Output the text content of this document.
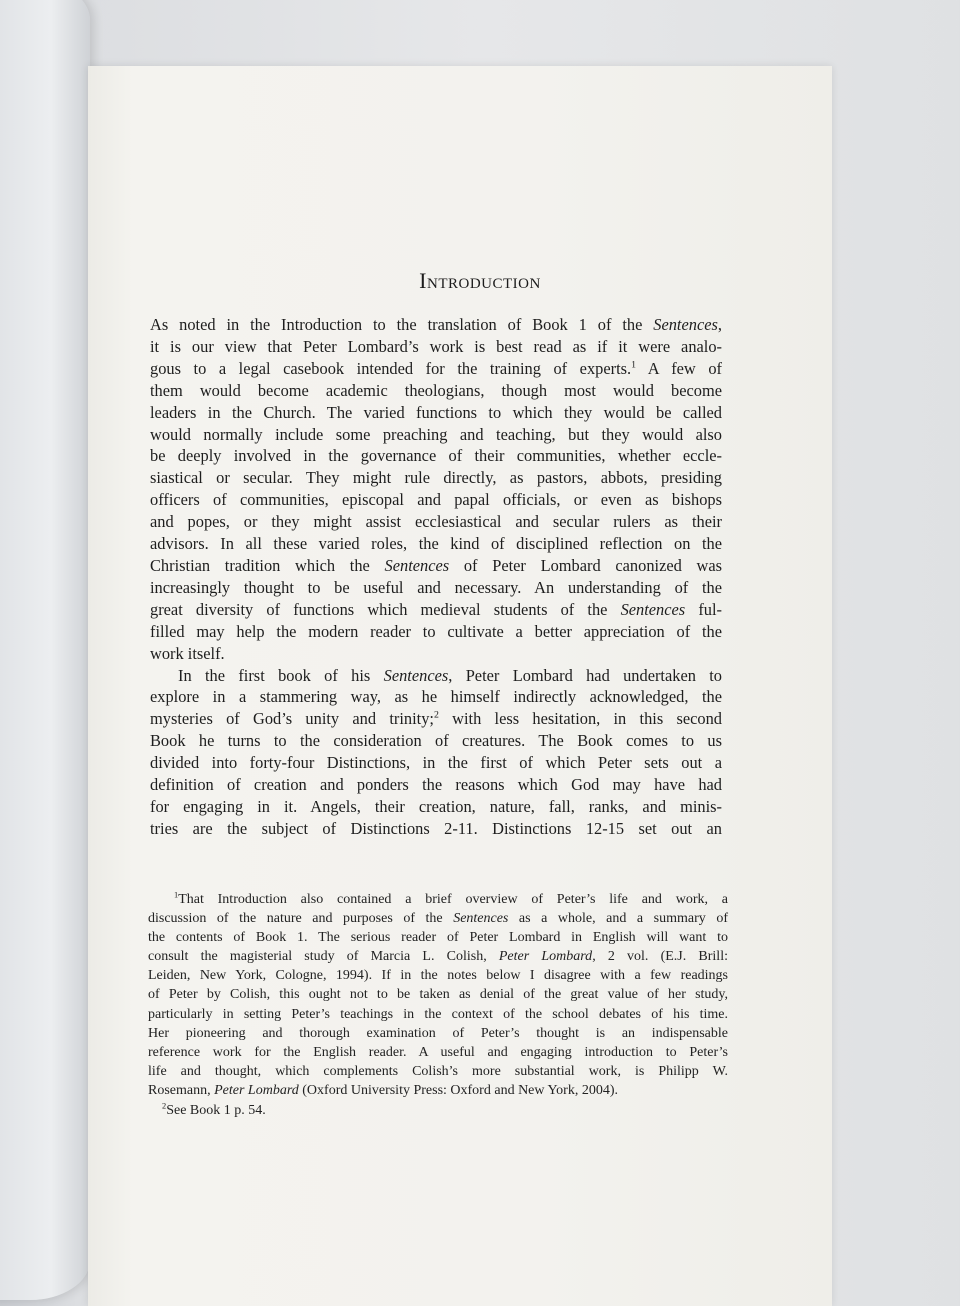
Introduction
As noted in the Introduction to the translation of Book 1 of the Sentences,
it is our view that Peter Lombard’s work is best read as if it were analo-
gous to a legal casebook intended for the training of experts.$^1$ A few of
them would become academic theologians, though most would become
leaders in the Church. The varied functions to which they would be called
would normally include some preaching and teaching, but they would also
be deeply involved in the governance of their communities, whether eccle-
siastical or secular. They might rule directly, as pastors, abbots, presiding
officers of communities, episcopal and papal officials, or even as bishops
and popes, or they might assist ecclesiastical and secular rulers as their
advisors. In all these varied roles, the kind of disciplined reflection on the
Christian tradition which the Sentences of Peter Lombard canonized was
increasingly thought to be useful and necessary. An understanding of the
great diversity of functions which medieval students of the Sentences ful-
filled may help the modern reader to cultivate a better appreciation of the
work itself.
In the first book of his Sentences, Peter Lombard had undertaken to
explore in a stammering way, as he himself indirectly acknowledged, the
mysteries of God’s unity and trinity;$^2$ with less hesitation, in this second
Book he turns to the consideration of creatures. The Book comes to us
divided into forty-four Distinctions, in the first of which Peter sets out a
definition of creation and ponders the reasons which God may have had
for engaging in it. Angels, their creation, nature, fall, ranks, and minis-
tries are the subject of Distinctions 2-11. Distinctions 12-15 set out an
$^1$That Introduction also contained a brief overview of Peter’s life and work, a
discussion of the nature and purposes of the Sentences as a whole, and a summary of
the contents of Book 1. The serious reader of Peter Lombard in English will want to
consult the magisterial study of Marcia L. Colish, Peter Lombard, 2 vol. (E.J. Brill:
Leiden, New York, Cologne, 1994). If in the notes below I disagree with a few readings
of Peter by Colish, this ought not to be taken as denial of the great value of her study,
particularly in setting Peter’s teachings in the context of the school debates of his time.
Her pioneering and thorough examination of Peter’s thought is an indispensable
reference work for the English reader. A useful and engaging introduction to Peter’s
life and thought, which complements Colish’s more substantial work, is Philipp W.
Rosemann, Peter Lombard (Oxford University Press: Oxford and New York, 2004).
$^2$See Book 1 p. 54.
